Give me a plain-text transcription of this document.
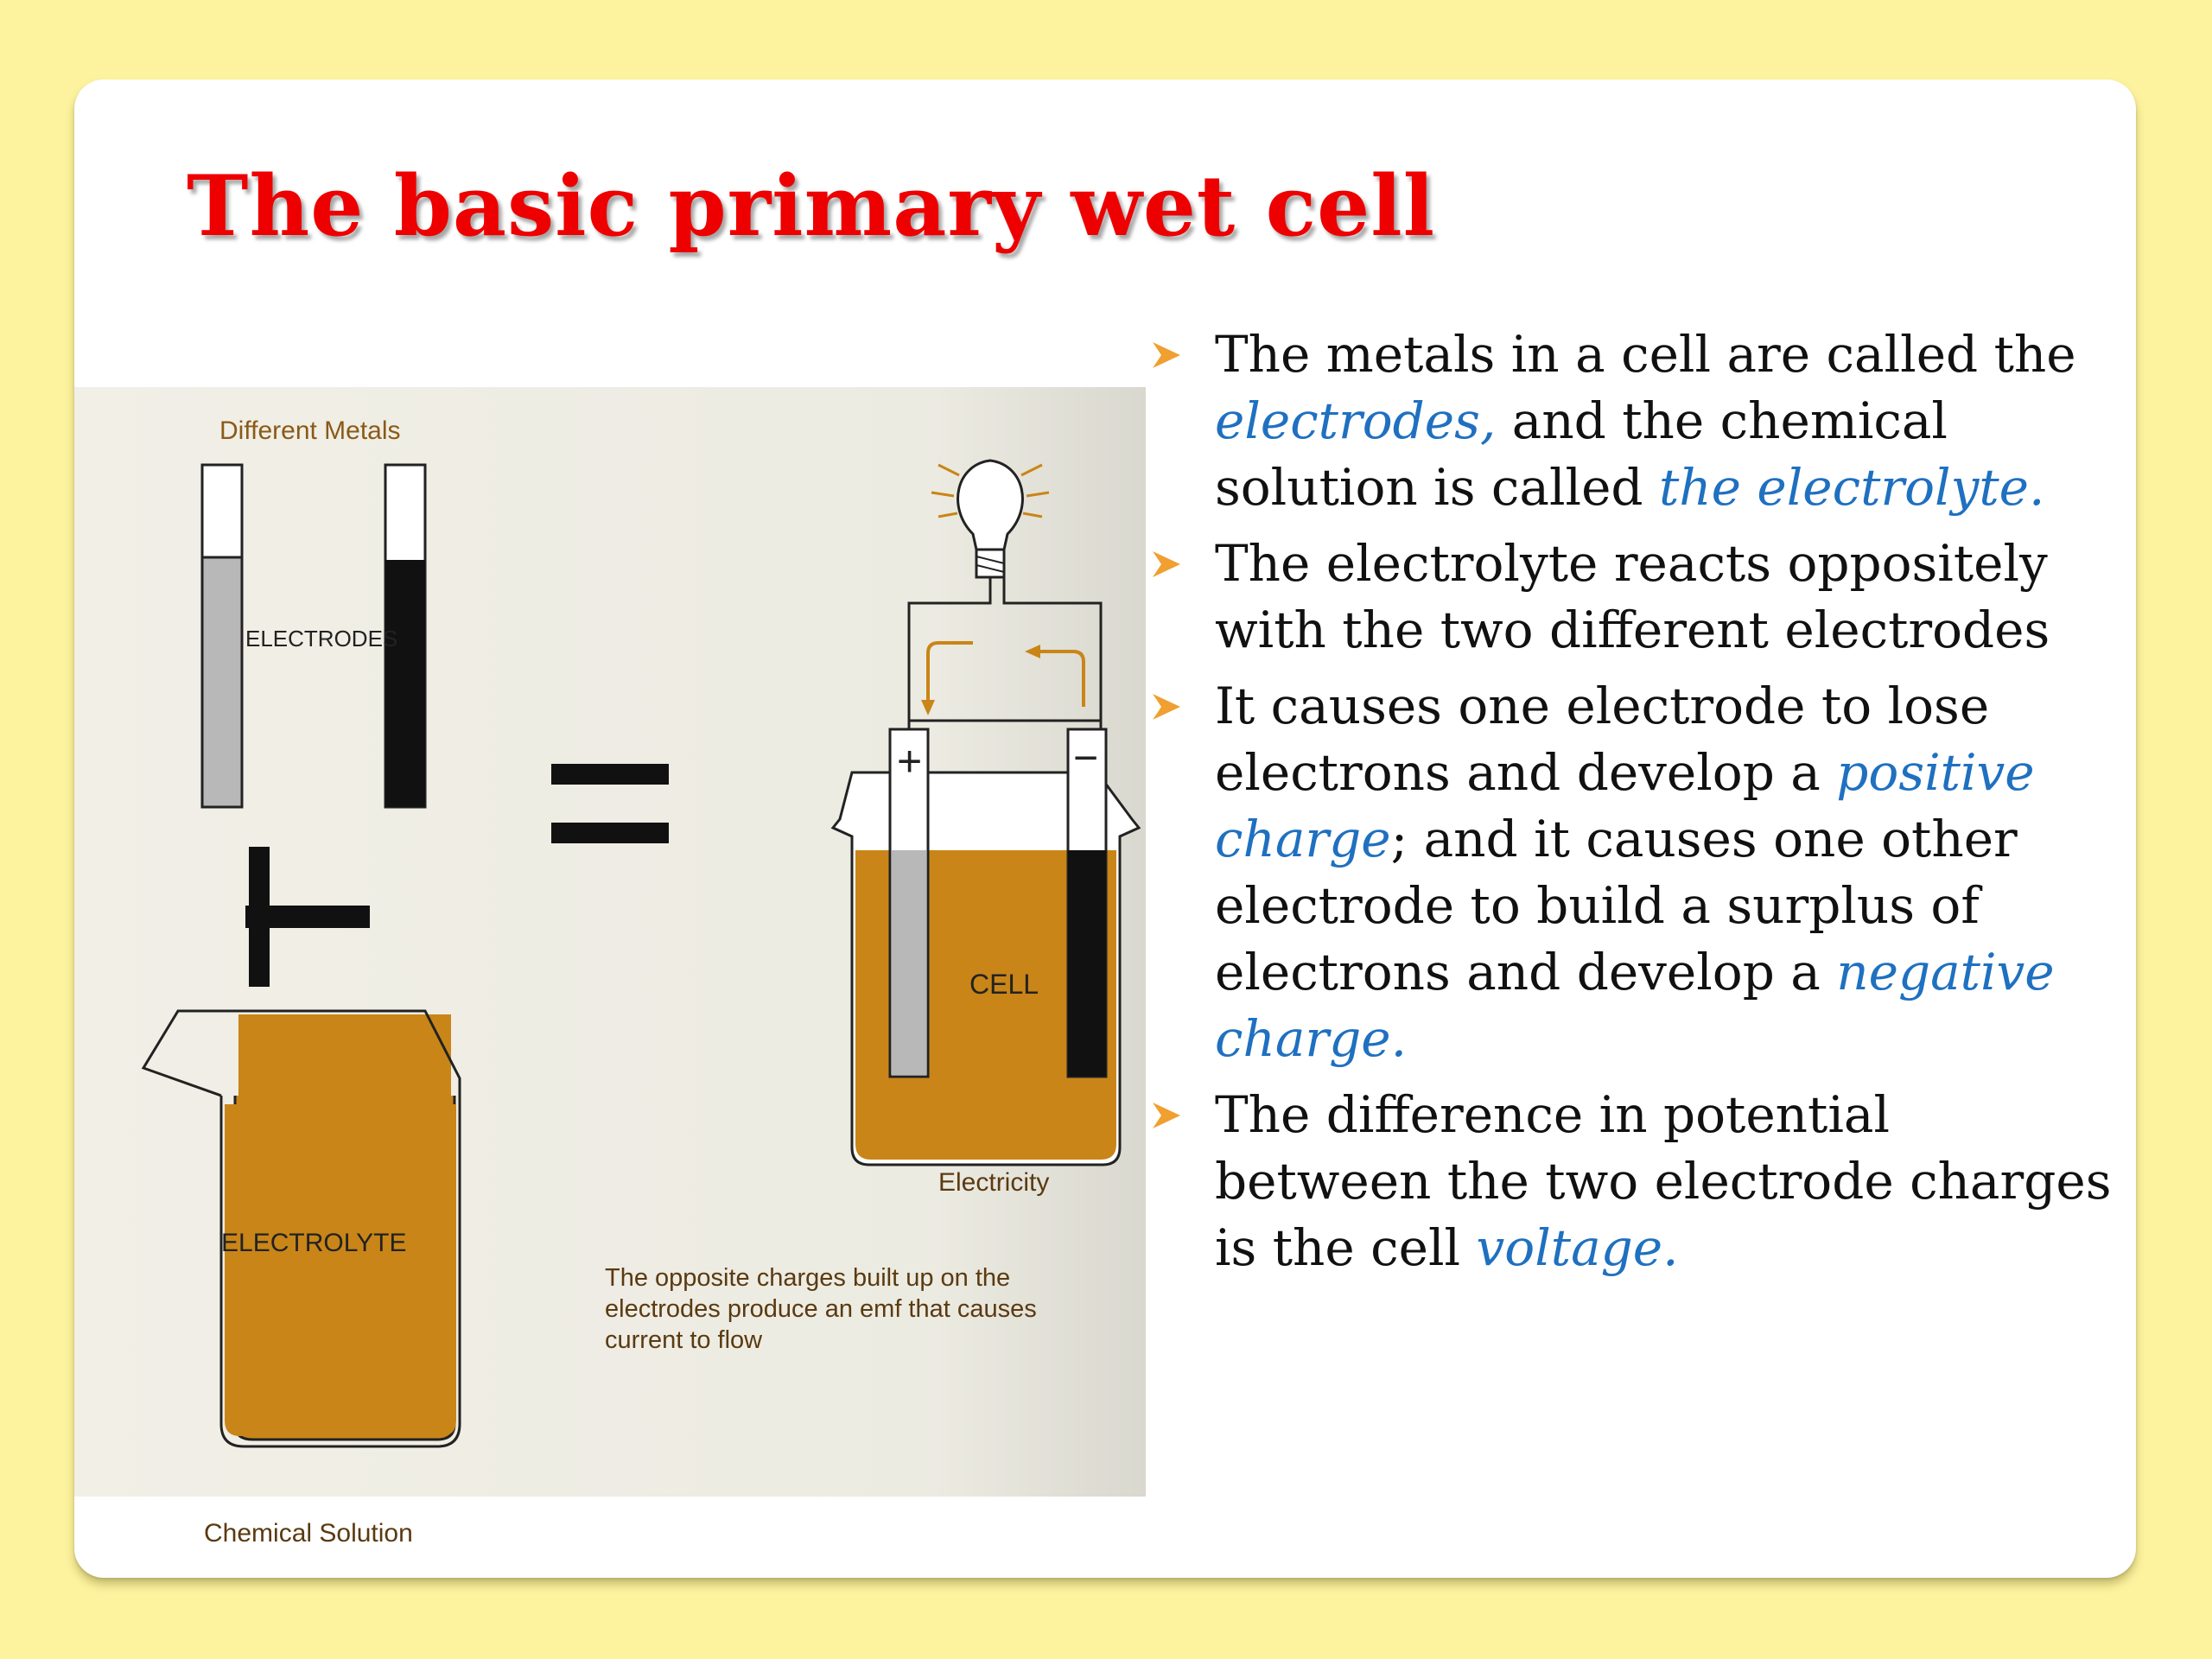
The basic primary wet cell
Different Metals
ELECTRODES
ELECTROLYTE
Chemical Solution
+	−
CELL
Electricity
The opposite charges built up on the
electrodes produce an emf that causes
current to flow
The metals in a cell are called the electrodes, and the chemical solution is called the electrolyte.
The electrolyte reacts oppositely with the two different electrodes
It causes one electrode to lose electrons and develop a positive charge; and it causes one other electrode to build a surplus of electrons and develop a negative charge.
The difference in potential between the two electrode charges is the cell voltage.
